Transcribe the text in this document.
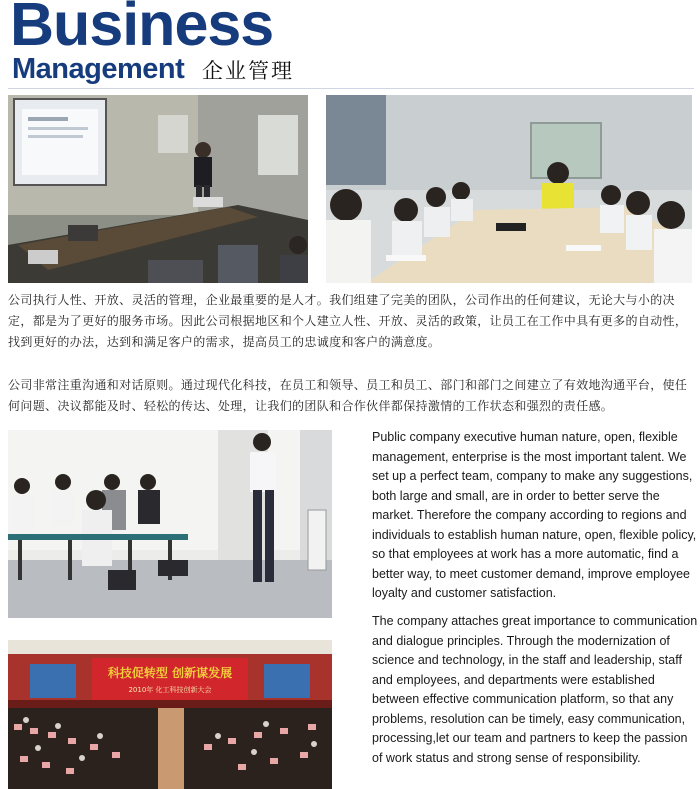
Business
Management 企业管理

公司执行人性、开放、灵活的管理，企业最重要的是人才。我们组建了完美的团队，公司作出的任何建议，无论大与小的决定，都是为了更好的服务市场。因此公司根据地区和个人建立人性、开放、灵活的政策，让员工在工作中具有更多的自动性，找到更好的办法，达到和满足客户的需求，提高员工的忠诚度和客户的满意度。

公司非常注重沟通和对话原则。通过现代化科技，在员工和领导、员工和员工、部门和部门之间建立了有效地沟通平台，使任何问题、决议都能及时、轻松的传达、处理，让我们的团队和合作伙伴都保持激情的工作状态和强烈的责任感。

科技促转型 创新谋发展
2010年 化工科技创新大会

Public company executive human nature, open, flexible management, enterprise is the most important talent. We set up a perfect team, company to make any suggestions, both large and small, are in order to better serve the market. Therefore the company according to regions and individuals to establish human nature, open, flexible policy, so that employees at work has a more automatic, find a better way, to meet customer demand, improve employee loyalty and customer satisfaction.

The company attaches great importance to communication and dialogue principles. Through the modernization of science and technology, in the staff and leadership, staff and employees, and departments were established between effective communication platform, so that any problems, resolution can be timely, easy communication, processing,let our team and partners to keep the passion of work status and strong sense of responsibility.
